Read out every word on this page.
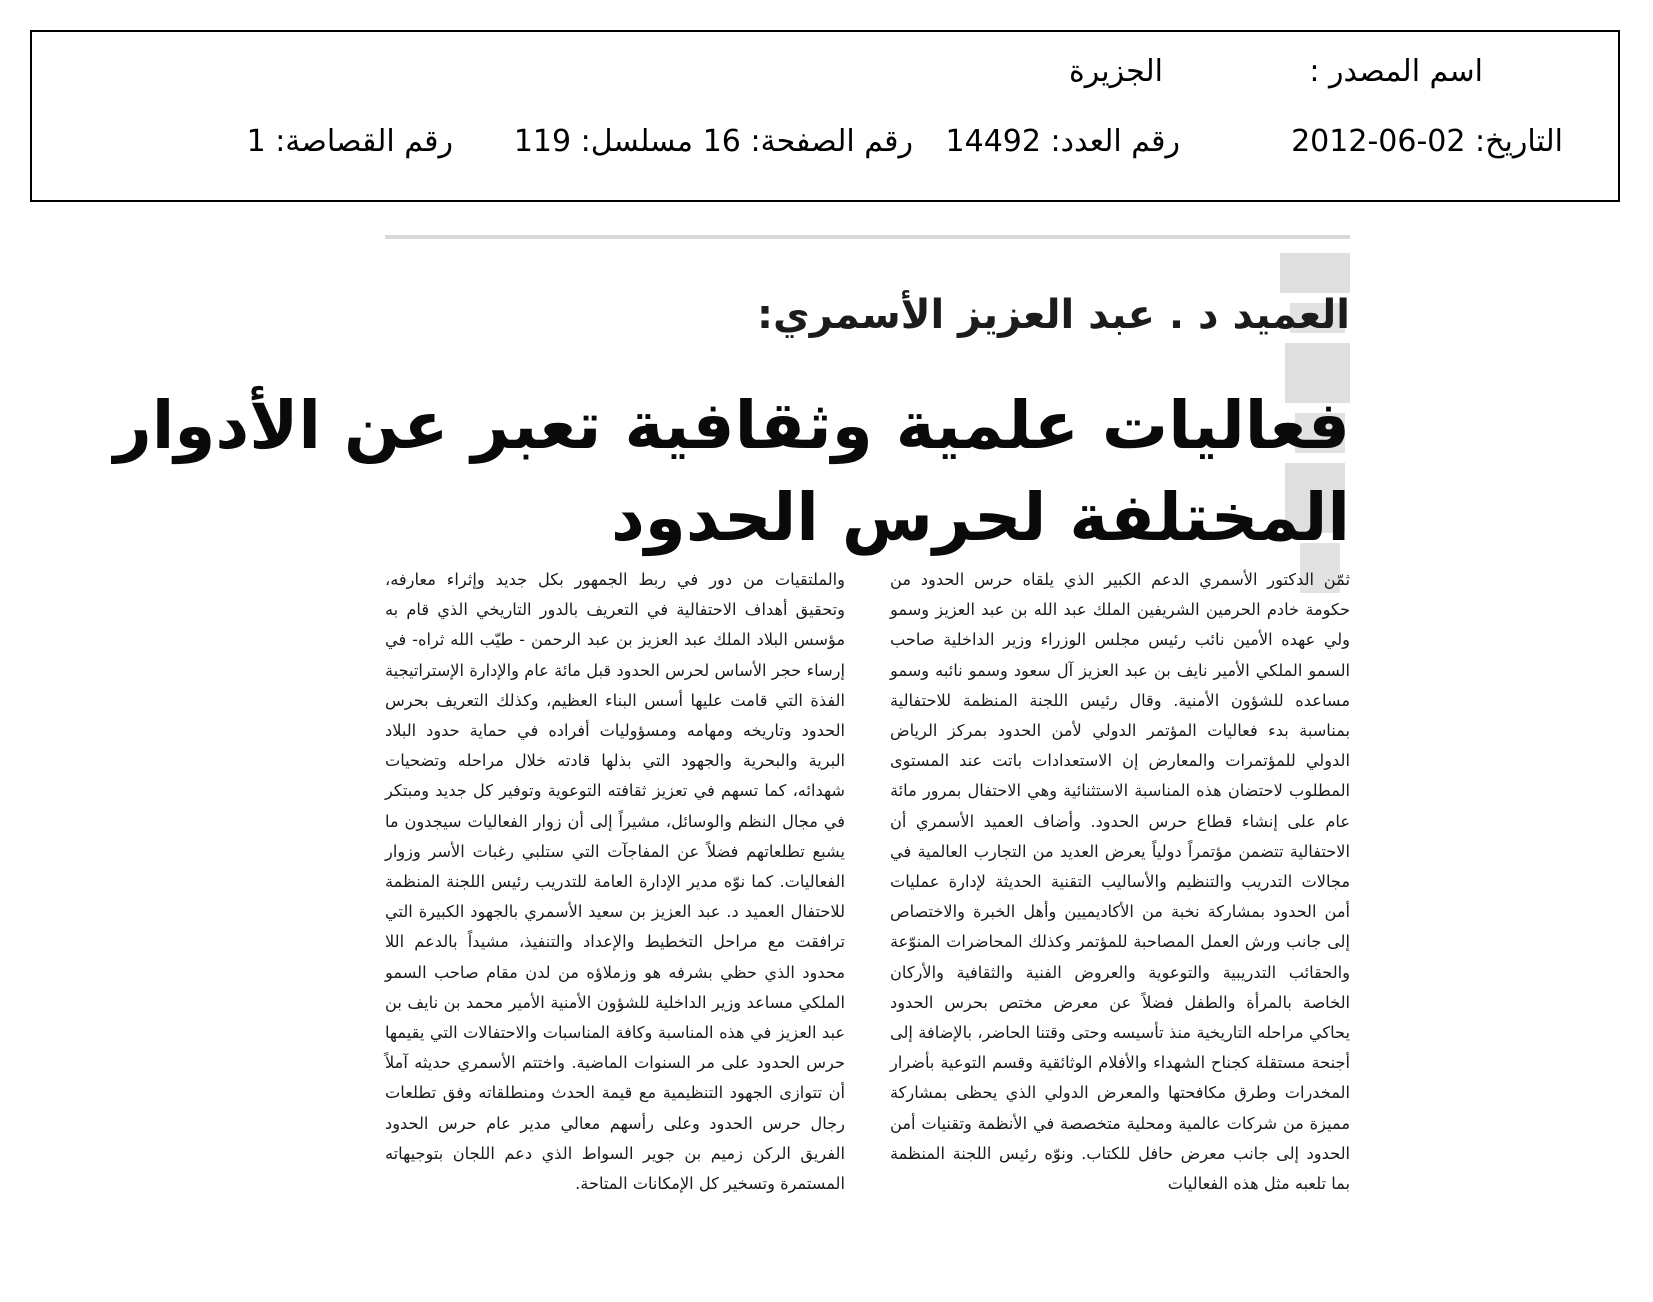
اسم المصدر :
الجزيرة
التاريخ: 02-06-2012
رقم العدد: 14492
رقم الصفحة: 16
مسلسل: 119
رقم القصاصة: 1
العميد د . عبد العزيز الأسمري:
فعاليات علمية وثقافية تعبر عن الأدوار
المختلفة لحرس الحدود

ثمّن الدكتور الأسمري الدعم الكبير الذي يلقاه حرس الحدود من حكومة خادم الحرمين الشريفين الملك عبد الله بن عبد العزيز وسمو ولي عهده الأمين نائب رئيس مجلس الوزراء وزير الداخلية صاحب السمو الملكي الأمير نايف بن عبد العزيز آل سعود وسمو نائبه وسمو مساعده للشؤون الأمنية. وقال رئيس اللجنة المنظمة للاحتفالية بمناسبة بدء فعاليات المؤتمر الدولي لأمن الحدود بمركز الرياض الدولي للمؤتمرات والمعارض إن الاستعدادات باتت عند المستوى المطلوب لاحتضان هذه المناسبة الاستثنائية وهي الاحتفال بمرور مائة عام على إنشاء قطاع حرس الحدود. وأضاف العميد الأسمري أن الاحتفالية تتضمن مؤتمراً دولياً يعرض العديد من التجارب العالمية في مجالات التدريب والتنظيم والأساليب التقنية الحديثة لإدارة عمليات أمن الحدود بمشاركة نخبة من الأكاديميين وأهل الخبرة والاختصاص إلى جانب ورش العمل المصاحبة للمؤتمر وكذلك المحاضرات المنوّعة والحقائب التدريبية والتوعوية والعروض الفنية والثقافية والأركان الخاصة بالمرأة والطفل فضلاً عن معرض مختص بحرس الحدود يحاكي مراحله التاريخية منذ تأسيسه وحتى وقتنا الحاضر، بالإضافة إلى أجنحة مستقلة كجناح الشهداء والأفلام الوثائقية وقسم التوعية بأضرار المخدرات وطرق مكافحتها والمعرض الدولي الذي يحظى بمشاركة مميزة من شركات عالمية ومحلية متخصصة في الأنظمة وتقنيات أمن الحدود إلى جانب معرض حافل للكتاب. ونوّه رئيس اللجنة المنظمة بما تلعبه مثل هذه الفعاليات

والملتقيات من دور في ربط الجمهور بكل جديد وإثراء معارفه، وتحقيق أهداف الاحتفالية في التعريف بالدور التاريخي الذي قام به مؤسس البلاد الملك عبد العزيز بن عبد الرحمن - طيّب الله ثراه- في إرساء حجر الأساس لحرس الحدود قبل مائة عام والإدارة الإستراتيجية الفذة التي قامت عليها أسس البناء العظيم، وكذلك التعريف بحرس الحدود وتاريخه ومهامه ومسؤوليات أفراده في حماية حدود البلاد البرية والبحرية والجهود التي بذلها قادته خلال مراحله وتضحيات شهدائه، كما تسهم في تعزيز ثقافته التوعوية وتوفير كل جديد ومبتكر في مجال النظم والوسائل، مشيراً إلى أن زوار الفعاليات سيجدون ما يشبع تطلعاتهم فضلاً عن المفاجآت التي ستلبي رغبات الأسر وزوار الفعاليات. كما نوّه مدير الإدارة العامة للتدريب رئيس اللجنة المنظمة للاحتفال العميد د. عبد العزيز بن سعيد الأسمري بالجهود الكبيرة التي ترافقت مع مراحل التخطيط والإعداد والتنفيذ، مشيداً بالدعم اللا محدود الذي حظي بشرفه هو وزملاؤه من لدن مقام صاحب السمو الملكي مساعد وزير الداخلية للشؤون الأمنية الأمير محمد بن نايف بن عبد العزيز في هذه المناسبة وكافة المناسبات والاحتفالات التي يقيمها حرس الحدود على مر السنوات الماضية. واختتم الأسمري حديثه آملاً أن تتوازى الجهود التنظيمية مع قيمة الحدث ومنطلقاته وفق تطلعات رجال حرس الحدود وعلى رأسهم معالي مدير عام حرس الحدود الفريق الركن زميم بن جوير السواط الذي دعم اللجان بتوجيهاته المستمرة وتسخير كل الإمكانات المتاحة.
